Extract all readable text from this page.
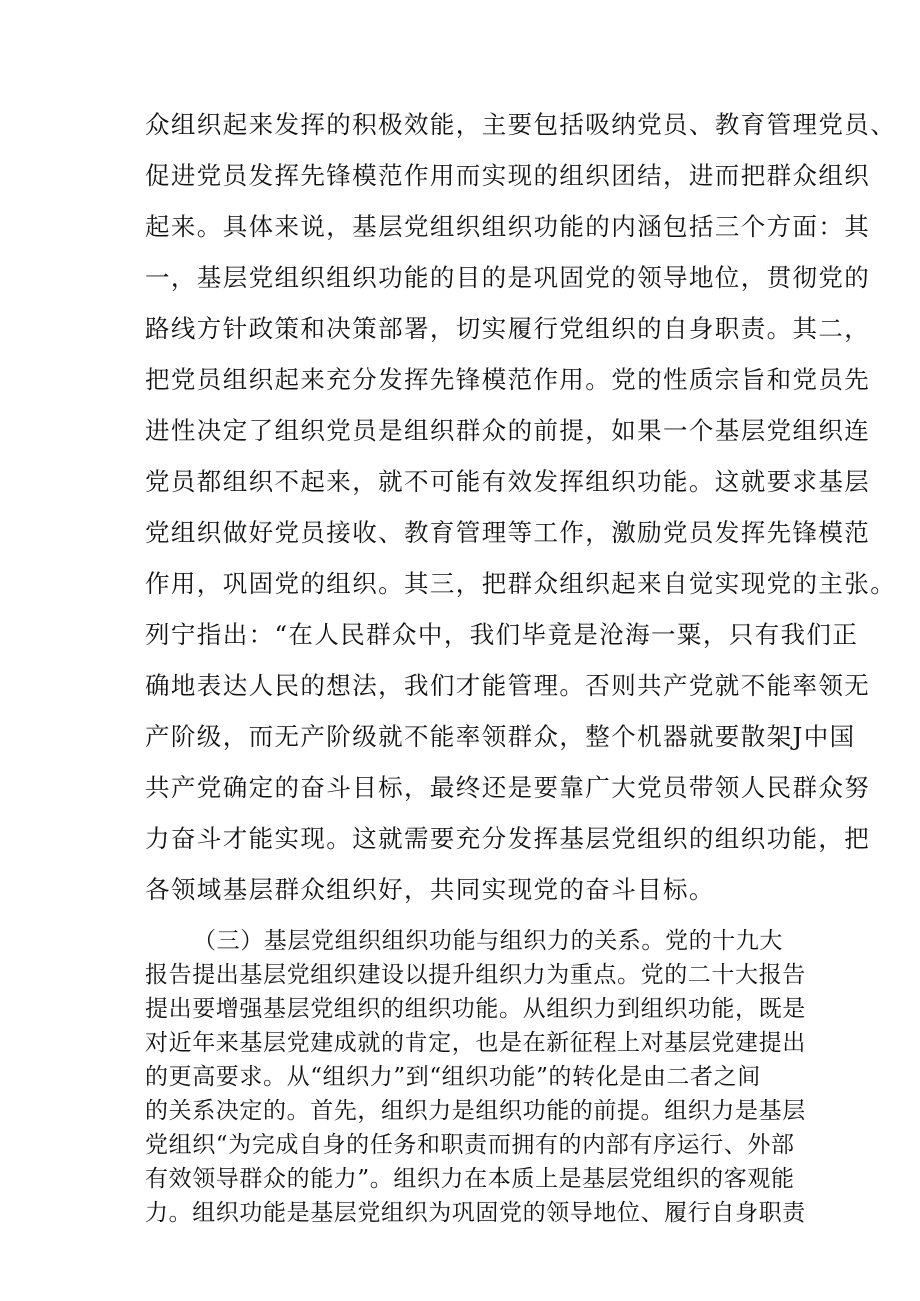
众组织起来发挥的积极效能，主要包括吸纳党员、教育管理党员、
促进党员发挥先锋模范作用而实现的组织团结，进而把群众组织
起来。具体来说，基层党组织组织功能的内涵包括三个方面：其
一，基层党组织组织功能的目的是巩固党的领导地位，贯彻党的
路线方针政策和决策部署，切实履行党组织的自身职责。其二，
把党员组织起来充分发挥先锋模范作用。党的性质宗旨和党员先
进性决定了组织党员是组织群众的前提，如果一个基层党组织连
党员都组织不起来，就不可能有效发挥组织功能。这就要求基层
党组织做好党员接收、教育管理等工作，激励党员发挥先锋模范
作用，巩固党的组织。其三，把群众组织起来自觉实现党的主张。
列宁指出：“在人民群众中，我们毕竟是沧海一粟，只有我们正
确地表达人民的想法，我们才能管理。否则共产党就不能率领无
产阶级，而无产阶级就不能率领群众，整个机器就要散架J中国
共产党确定的奋斗目标，最终还是要靠广大党员带领人民群众努
力奋斗才能实现。这就需要充分发挥基层党组织的组织功能，把
各领域基层群众组织好，共同实现党的奋斗目标。
（三）基层党组织组织功能与组织力的关系。党的十九大
报告提出基层党组织建设以提升组织力为重点。党的二十大报告
提出要增强基层党组织的组织功能。从组织力到组织功能，既是
对近年来基层党建成就的肯定，也是在新征程上对基层党建提出
的更高要求。从“组织力”到“组织功能”的转化是由二者之间
的关系决定的。首先，组织力是组织功能的前提。组织力是基层
党组织“为完成自身的任务和职责而拥有的内部有序运行、外部
有效领导群众的能力”。组织力在本质上是基层党组织的客观能
力。组织功能是基层党组织为巩固党的领导地位、履行自身职责
